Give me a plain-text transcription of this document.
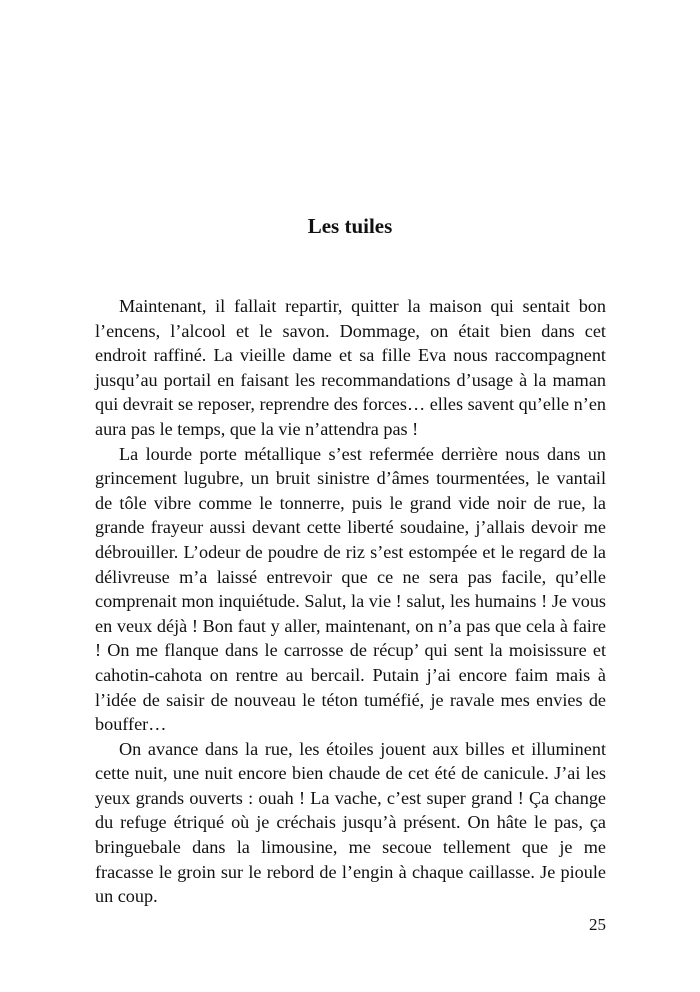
Les tuiles

Maintenant, il fallait repartir, quitter la maison qui sentait bon l’encens, l’alcool et le savon. Dommage, on était bien dans cet endroit raffiné. La vieille dame et sa fille Eva nous raccompagnent jusqu’au portail en faisant les recommandations d’usage à la maman qui devrait se reposer, reprendre des forces… elles savent qu’elle n’en aura pas le temps, que la vie n’attendra pas !

La lourde porte métallique s’est refermée derrière nous dans un grincement lugubre, un bruit sinistre d’âmes tourmentées, le vantail de tôle vibre comme le tonnerre, puis le grand vide noir de rue, la grande frayeur aussi devant cette liberté soudaine, j’allais devoir me débrouiller. L’odeur de poudre de riz s’est estompée et le regard de la délivreuse m’a laissé entrevoir que ce ne sera pas facile, qu’elle comprenait mon inquiétude. Salut, la vie ! salut, les humains ! Je vous en veux déjà ! Bon faut y aller, maintenant, on n’a pas que cela à faire ! On me flanque dans le carrosse de récup’ qui sent la moisissure et cahotin-cahota on rentre au bercail. Putain j’ai encore faim mais à l’idée de saisir de nouveau le téton tuméfié, je ravale mes envies de bouffer…

On avance dans la rue, les étoiles jouent aux billes et illuminent cette nuit, une nuit encore bien chaude de cet été de canicule. J’ai les yeux grands ouverts : ouah ! La vache, c’est super grand ! Ça change du refuge étriqué où je créchais jusqu’à présent. On hâte le pas, ça bringuebale dans la limousine, me secoue tellement que je me fracasse le groin sur le rebord de l’engin à chaque caillasse. Je pioule un coup.

25
